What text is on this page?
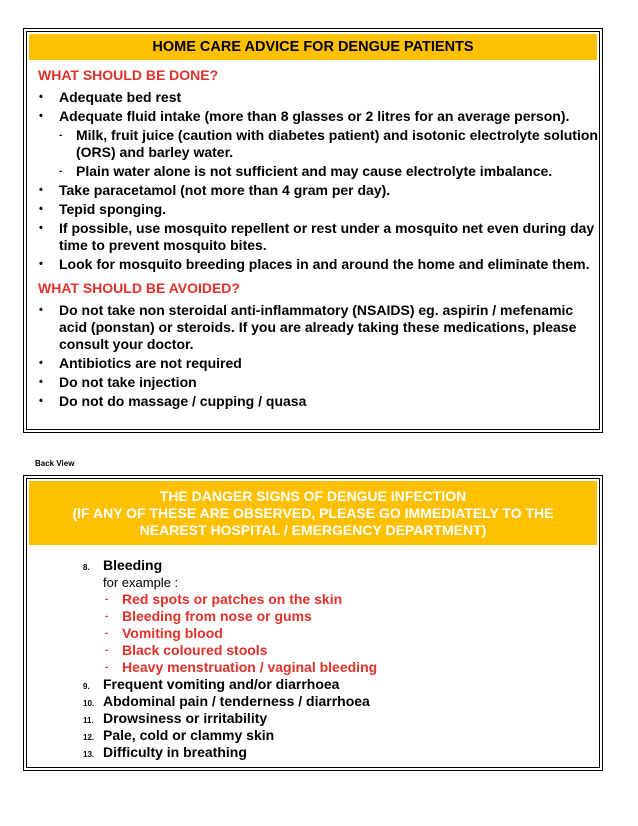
HOME CARE ADVICE FOR DENGUE PATIENTS
WHAT SHOULD BE DONE?
• Adequate bed rest
• Adequate fluid intake (more than 8 glasses or 2 litres for an average person).
- Milk, fruit juice (caution with diabetes patient) and isotonic electrolyte solution (ORS) and barley water.
- Plain water alone is not sufficient and may cause electrolyte imbalance.
• Take paracetamol (not more than 4 gram per day).
• Tepid sponging.
• If possible, use mosquito repellent or rest under a mosquito net even during day time to prevent mosquito bites.
• Look for mosquito breeding places in and around the home and eliminate them.
WHAT SHOULD BE AVOIDED?
• Do not take non steroidal anti-inflammatory (NSAIDS) eg. aspirin / mefenamic acid (ponstan) or steroids. If you are already taking these medications, please consult your doctor.
• Antibiotics are not required
• Do not take injection
• Do not do massage / cupping / quasa
Back View
THE DANGER SIGNS OF DENGUE INFECTION
(IF ANY OF THESE ARE OBSERVED, PLEASE GO IMMEDIATELY TO THE
NEAREST HOSPITAL / EMERGENCY DEPARTMENT)
8. Bleeding
for example :
- Red spots or patches on the skin
- Bleeding from nose or gums
- Vomiting blood
- Black coloured stools
- Heavy menstruation / vaginal bleeding
9. Frequent vomiting and/or diarrhoea
10. Abdominal pain / tenderness / diarrhoea
11. Drowsiness or irritability
12. Pale, cold or clammy skin
13. Difficulty in breathing
